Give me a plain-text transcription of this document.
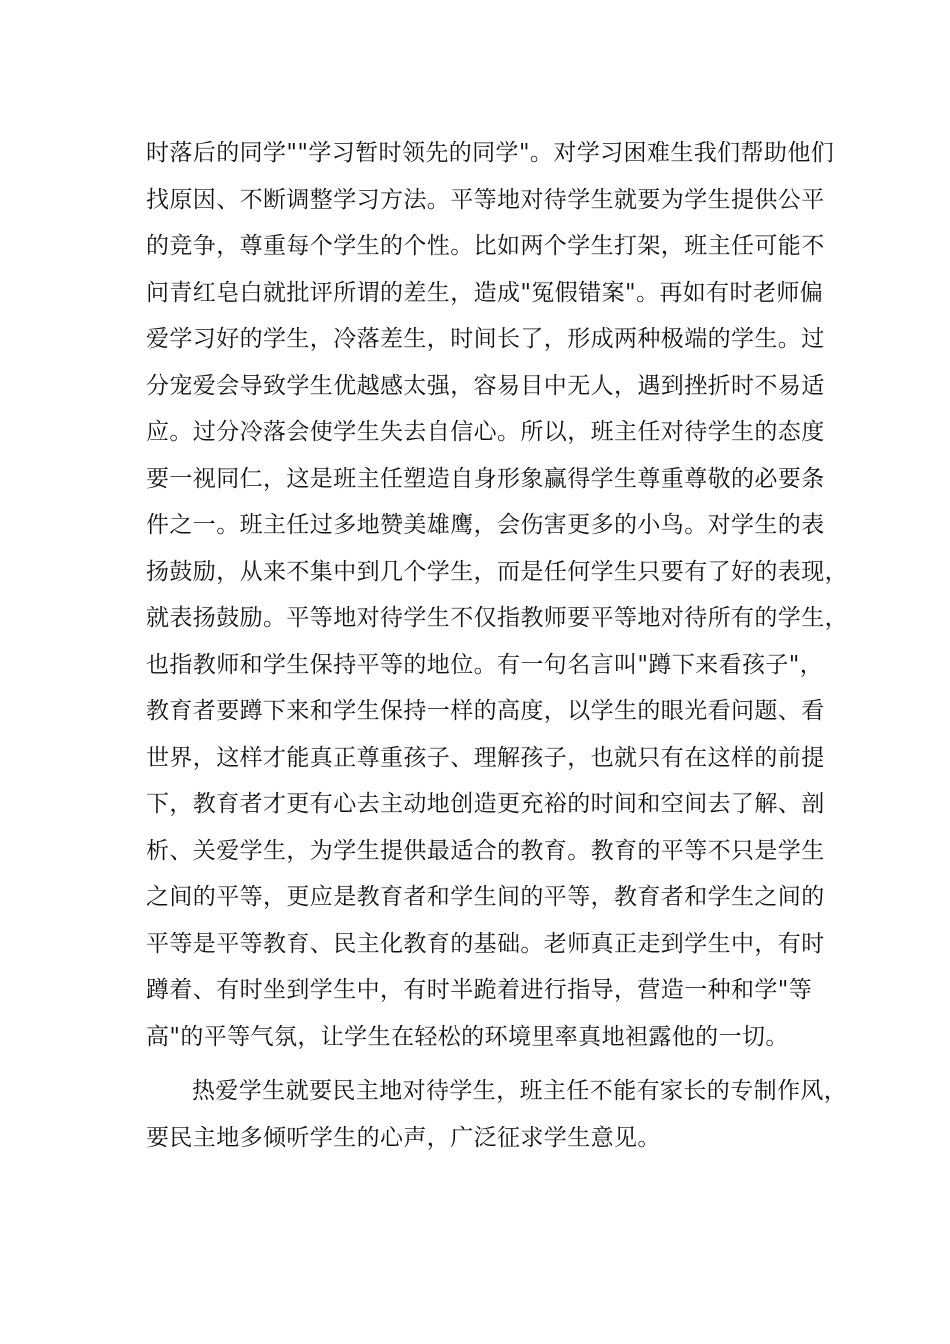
时落后的同学""学习暂时领先的同学"。对学习困难生我们帮助他们
找原因、不断调整学习方法。平等地对待学生就要为学生提供公平
的竞争，尊重每个学生的个性。比如两个学生打架，班主任可能不
问青红皂白就批评所谓的差生，造成"冤假错案"。再如有时老师偏
爱学习好的学生，冷落差生，时间长了，形成两种极端的学生。过
分宠爱会导致学生优越感太强，容易目中无人，遇到挫折时不易适
应。过分冷落会使学生失去自信心。所以，班主任对待学生的态度
要一视同仁，这是班主任塑造自身形象赢得学生尊重尊敬的必要条
件之一。班主任过多地赞美雄鹰，会伤害更多的小鸟。对学生的表
扬鼓励，从来不集中到几个学生，而是任何学生只要有了好的表现，
就表扬鼓励。平等地对待学生不仅指教师要平等地对待所有的学生，
也指教师和学生保持平等的地位。有一句名言叫"蹲下来看孩子"，
教育者要蹲下来和学生保持一样的高度，以学生的眼光看问题、看
世界，这样才能真正尊重孩子、理解孩子，也就只有在这样的前提
下，教育者才更有心去主动地创造更充裕的时间和空间去了解、剖
析、关爱学生，为学生提供最适合的教育。教育的平等不只是学生
之间的平等，更应是教育者和学生间的平等，教育者和学生之间的
平等是平等教育、民主化教育的基础。老师真正走到学生中，有时
蹲着、有时坐到学生中，有时半跪着进行指导，营造一种和学"等
高"的平等气氛，让学生在轻松的环境里率真地袒露他的一切。
热爱学生就要民主地对待学生，班主任不能有家长的专制作风，
要民主地多倾听学生的心声，广泛征求学生意见。
